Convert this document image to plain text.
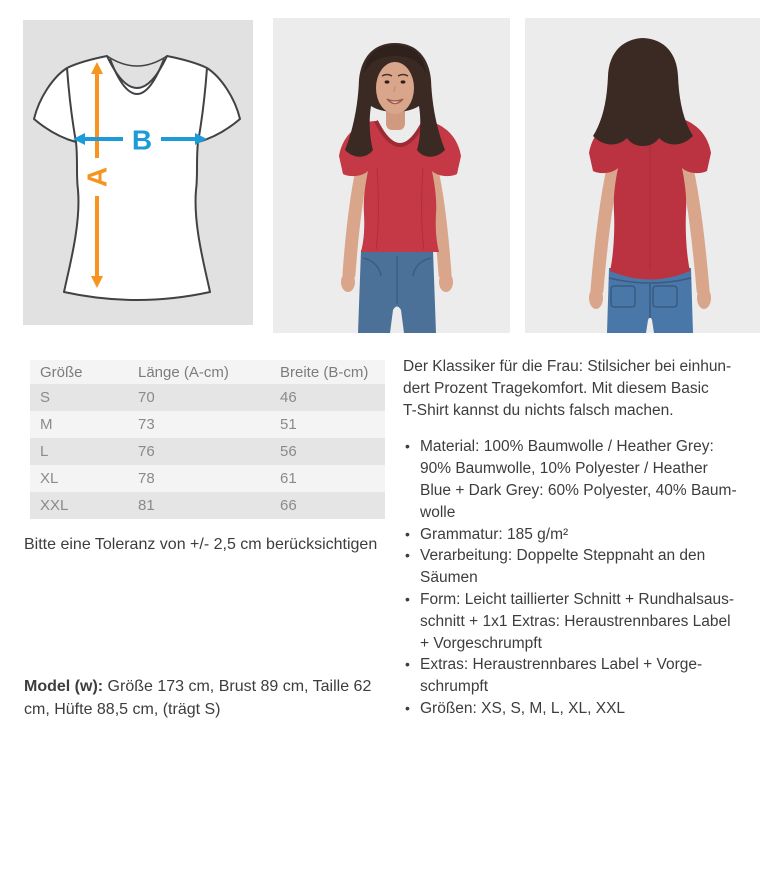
A
B
Größe	Länge (A-cm)	Breite (B-cm)
S	70	46
M	73	51
L	76	56
XL	78	61
XXL	81	66

Bitte eine Toleranz von +/- 2,5 cm berücksichtigen

Model (w): Größe 173 cm, Brust 89 cm, Taille 62
cm, Hüfte 88,5 cm, (trägt S)

Der Klassiker für die Frau: Stilsicher bei einhun-
dert Prozent Tragekomfort. Mit diesem Basic
T-Shirt kannst du nichts falsch machen.

• Material: 100% Baumwolle / Heather Grey:
90% Baumwolle, 10% Polyester / Heather
Blue + Dark Grey: 60% Polyester, 40% Baum-
wolle
• Grammatur: 185 g/m²
• Verarbeitung: Doppelte Steppnaht an den
Säumen
• Form: Leicht taillierter Schnitt + Rundhalsaus-
schnitt + 1x1 Extras: Heraustrennbares Label
+ Vorgeschrumpft
• Extras: Heraustrennbares Label + Vorge-
schrumpft
• Größen: XS, S, M, L, XL, XXL
